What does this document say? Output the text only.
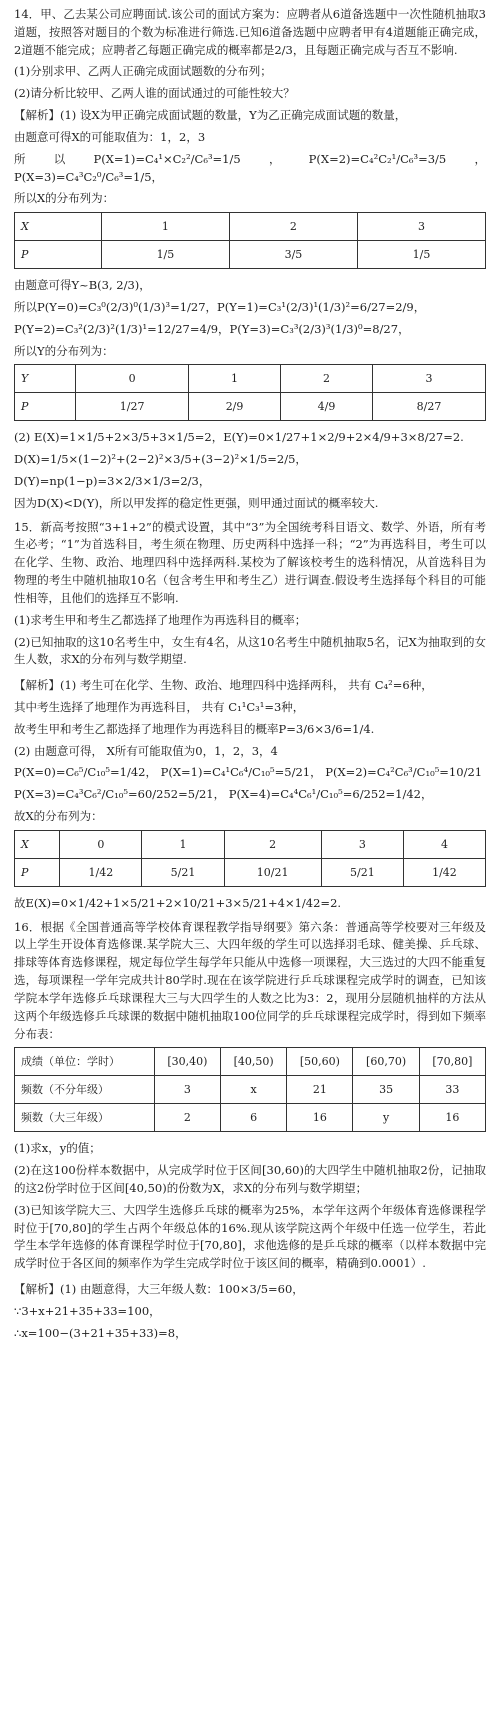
14．甲、乙去某公司应聘面试.该公司的面试方案为：应聘者从6道备选题中一次性随机抽取3道题，按照答对题目的个数为标准进行筛选.已知6道备选题中应聘者甲有4道题能正确完成，2道题不能完成；应聘者乙每题正确完成的概率都是2/3，且每题正确完成与否互不影响.

(1)分别求甲、乙两人正确完成面试题数的分布列；

(2)请分析比较甲、乙两人谁的面试通过的可能性较大？

【解析】(1) 设X为甲正确完成面试题的数量，Y为乙正确完成面试题的数量，

由题意可得X的可能取值为：1，2，3

所以P(X=1)=C₄¹×C₂²/C₆³=1/5，P(X=2)=C₄²C₂¹/C₆³=3/5，P(X=3)=C₄³C₂⁰/C₆³=1/5，

所以X的分布列为：

X	1	2	3
P	1/5	3/5	1/5

由题意可得Y~B(3, 2/3)，

所以P(Y=0)=C₃⁰(2/3)⁰(1/3)³=1/27，P(Y=1)=C₃¹(2/3)¹(1/3)²=6/27=2/9，

P(Y=2)=C₃²(2/3)²(1/3)¹=12/27=4/9，P(Y=3)=C₃³(2/3)³(1/3)⁰=8/27，

所以Y的分布列为：

Y	0	1	2	3
P	1/27	2/9	4/9	8/27

(2) E(X)=1×1/5+2×3/5+3×1/5=2，E(Y)=0×1/27+1×2/9+2×4/9+3×8/27=2.

D(X)=1/5×(1−2)²+(2−2)²×3/5+(3−2)²×1/5=2/5，

D(Y)=np(1−p)=3×2/3×1/3=2/3，

因为D(X)<D(Y)，所以甲发挥的稳定性更强，则甲通过面试的概率较大.

15．新高考按照“3+1+2”的模式设置，其中“3”为全国统考科目语文、数学、外语，所有考生必考；“1”为首选科目，考生须在物理、历史两科中选择一科；“2”为再选科目，考生可以在化学、生物、政治、地理四科中选择两科.某校为了解该校考生的选科情况，从首选科目为物理的考生中随机抽取10名（包含考生甲和考生乙）进行调查.假设考生选择每个科目的可能性相等，且他们的选择互不影响.

(1)求考生甲和考生乙都选择了地理作为再选科目的概率；

(2)已知抽取的这10名考生中，女生有4名，从这10名考生中随机抽取5名，记X为抽取到的女生人数，求X的分布列与数学期望.

【解析】(1) 考生可在化学、生物、政治、地理四科中选择两科， 共有 C₄²=6种，

其中考生选择了地理作为再选科目， 共有 C₁¹C₃¹=3种，

故考生甲和考生乙都选择了地理作为再选科目的概率P=3/6×3/6=1/4.

(2) 由题意可得， X所有可能取值为0，1，2，3，4

P(X=0)=C₆⁵/C₁₀⁵=1/42， P(X=1)=C₄¹C₆⁴/C₁₀⁵=5/21， P(X=2)=C₄²C₆³/C₁₀⁵=10/21

P(X=3)=C₄³C₆²/C₁₀⁵=60/252=5/21， P(X=4)=C₄⁴C₆¹/C₁₀⁵=6/252=1/42，

故X的分布列为：

X	0	1	2	3	4
P	1/42	5/21	10/21	5/21	1/42

故E(X)=0×1/42+1×5/21+2×10/21+3×5/21+4×1/42=2.

16．根据《全国普通高等学校体育课程教学指导纲要》第六条：普通高等学校要对三年级及以上学生开设体育选修课.某学院大三、大四年级的学生可以选择羽毛球、健美操、乒乓球、排球等体育选修课程，规定每位学生每学年只能从中选修一项课程，大三选过的大四不能重复选，每项课程一学年完成共计80学时.现在在该学院进行乒乓球课程完成学时的调查，已知该学院本学年选修乒乓球课程大三与大四学生的人数之比为3：2，现用分层随机抽样的方法从这两个年级选修乒乓球课的数据中随机抽取100位同学的乒乓球课程完成学时，得到如下频率分布表：

成绩（单位：学时）	[30,40)	[40,50)	[50,60)	[60,70)	[70,80]
频数（不分年级）	3	x	21	35	33
频数（大三年级）	2	6	16	y	16

(1)求x，y的值；

(2)在这100份样本数据中，从完成学时位于区间[30,60)的大四学生中随机抽取2份，记抽取的这2份学时位于区间[40,50)的份数为X，求X的分布列与数学期望；

(3)已知该学院大三、大四学生选修乒乓球的概率为25%，本学年这两个年级体育选修课程学时位于[70,80]的学生占两个年级总体的16%.现从该学院这两个年级中任选一位学生，若此学生本学年选修的体育课程学时位于[70,80]，求他选修的是乒乓球的概率（以样本数据中完成学时位于各区间的频率作为学生完成学时位于该区间的概率，精确到0.0001）.

【解析】(1) 由题意得，大三年级人数：100×3/5=60，

∵3+x+21+35+33=100，

∴x=100−(3+21+35+33)=8，
